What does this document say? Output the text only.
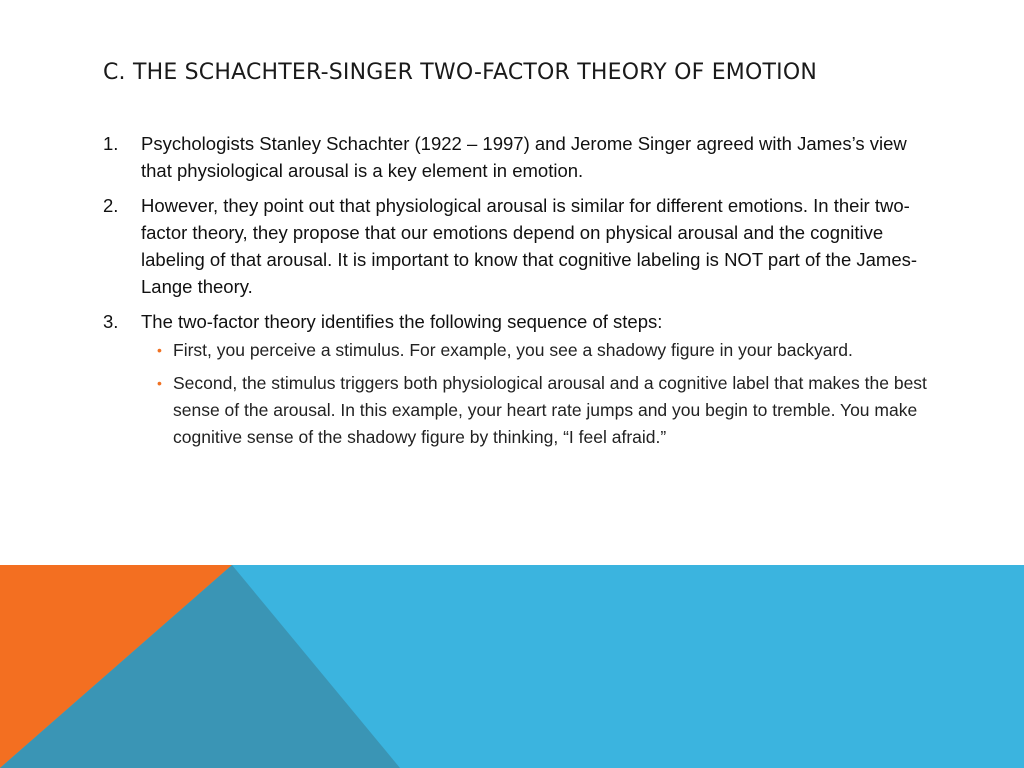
C. THE SCHACHTER-SINGER TWO-FACTOR THEORY OF EMOTION
1. Psychologists Stanley Schachter (1922 – 1997) and Jerome Singer agreed with James’s view that physiological arousal is a key element in emotion.
2. However, they point out that physiological arousal is similar for different emotions. In their two-factor theory, they propose that our emotions depend on physical arousal and the cognitive labeling of that arousal. It is important to know that cognitive labeling is NOT part of the James-Lange theory.
3. The two-factor theory identifies the following sequence of steps:
• First, you perceive a stimulus. For example, you see a shadowy figure in your backyard.
• Second, the stimulus triggers both physiological arousal and a cognitive label that makes the best sense of the arousal. In this example, your heart rate jumps and you begin to tremble. You make cognitive sense of the shadowy figure by thinking, “I feel afraid.”
